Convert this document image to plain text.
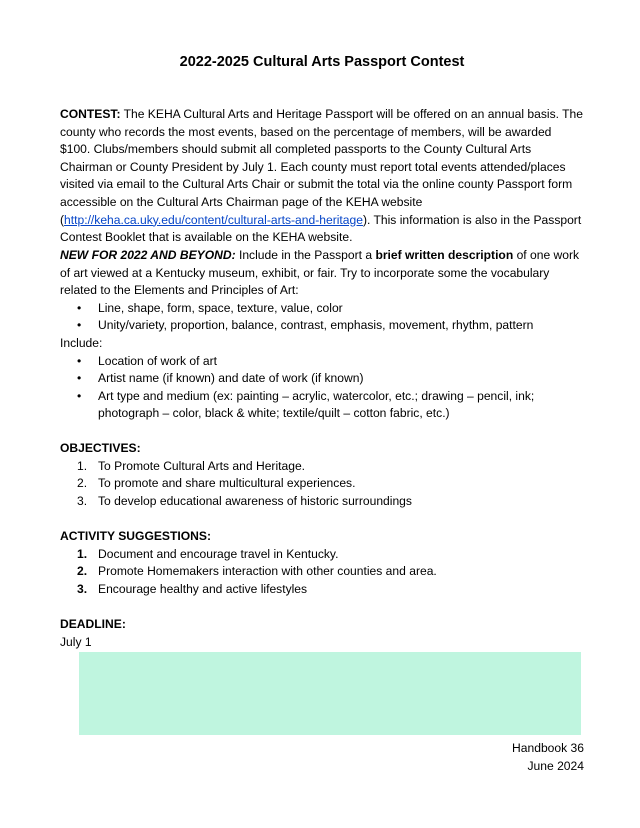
2022-2025 Cultural Arts Passport Contest

CONTEST: The KEHA Cultural Arts and Heritage Passport will be offered on an annual basis. The county who records the most events, based on the percentage of members, will be awarded $100. Clubs/members should submit all completed passports to the County Cultural Arts Chairman or County President by July 1. Each county must report total events attended/places visited via email to the Cultural Arts Chair or submit the total via the online county Passport form accessible on the Cultural Arts Chairman page of the KEHA website (http://keha.ca.uky.edu/content/cultural-arts-and-heritage). This information is also in the Passport Contest Booklet that is available on the KEHA website.

NEW FOR 2022 AND BEYOND: Include in the Passport a brief written description of one work of art viewed at a Kentucky museum, exhibit, or fair. Try to incorporate some the vocabulary related to the Elements and Principles of Art:

• Line, shape, form, space, texture, value, color
• Unity/variety, proportion, balance, contrast, emphasis, movement, rhythm, pattern

Include:

• Location of work of art
• Artist name (if known) and date of work (if known)
• Art type and medium (ex: painting – acrylic, watercolor, etc.; drawing – pencil, ink; photograph – color, black & white; textile/quilt – cotton fabric, etc.)

OBJECTIVES:

1. To Promote Cultural Arts and Heritage.
2. To promote and share multicultural experiences.
3. To develop educational awareness of historic surroundings

ACTIVITY SUGGESTIONS:

1. Document and encourage travel in Kentucky.
2. Promote Homemakers interaction with other counties and area.
3. Encourage healthy and active lifestyles

DEADLINE:

July 1

Handbook 36

June 2024
